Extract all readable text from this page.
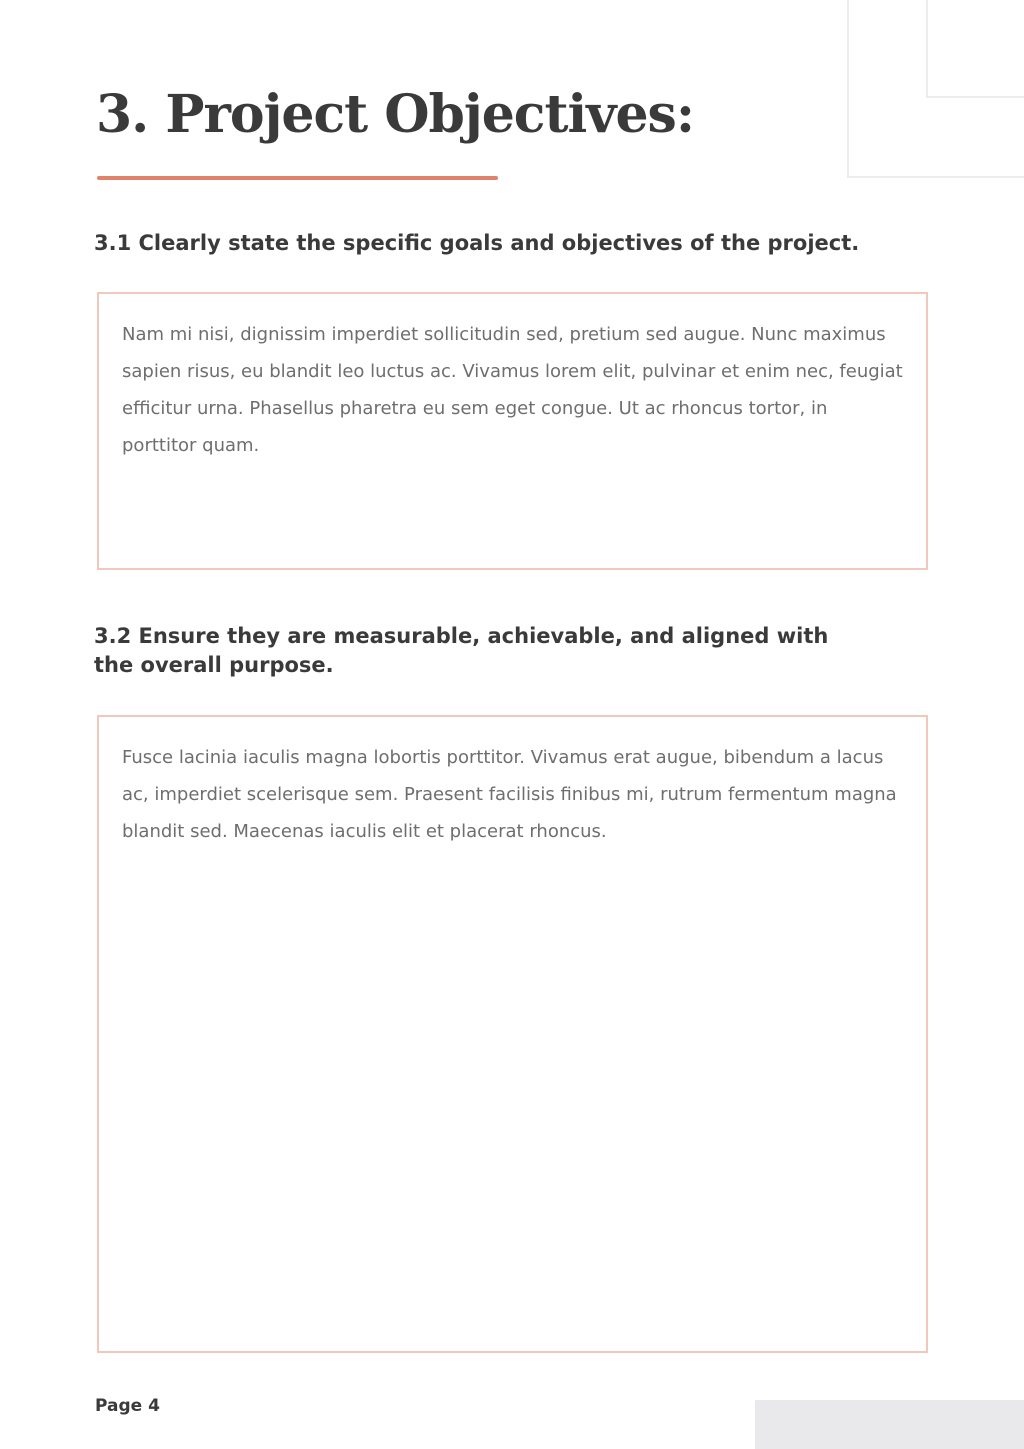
3. Project Objectives:
3.1 Clearly state the specific goals and objectives of the project.

Nam mi nisi, dignissim imperdiet sollicitudin sed, pretium sed augue. Nunc maximus sapien risus, eu blandit leo luctus ac. Vivamus lorem elit, pulvinar et enim nec, feugiat efficitur urna. Phasellus pharetra eu sem eget congue. Ut ac rhoncus tortor, in porttitor quam.

3.2 Ensure they are measurable, achievable, and aligned with the overall purpose.

Fusce lacinia iaculis magna lobortis porttitor. Vivamus erat augue, bibendum a lacus ac, imperdiet scelerisque sem. Praesent facilisis finibus mi, rutrum fermentum magna blandit sed. Maecenas iaculis elit et placerat rhoncus.

Page 4
